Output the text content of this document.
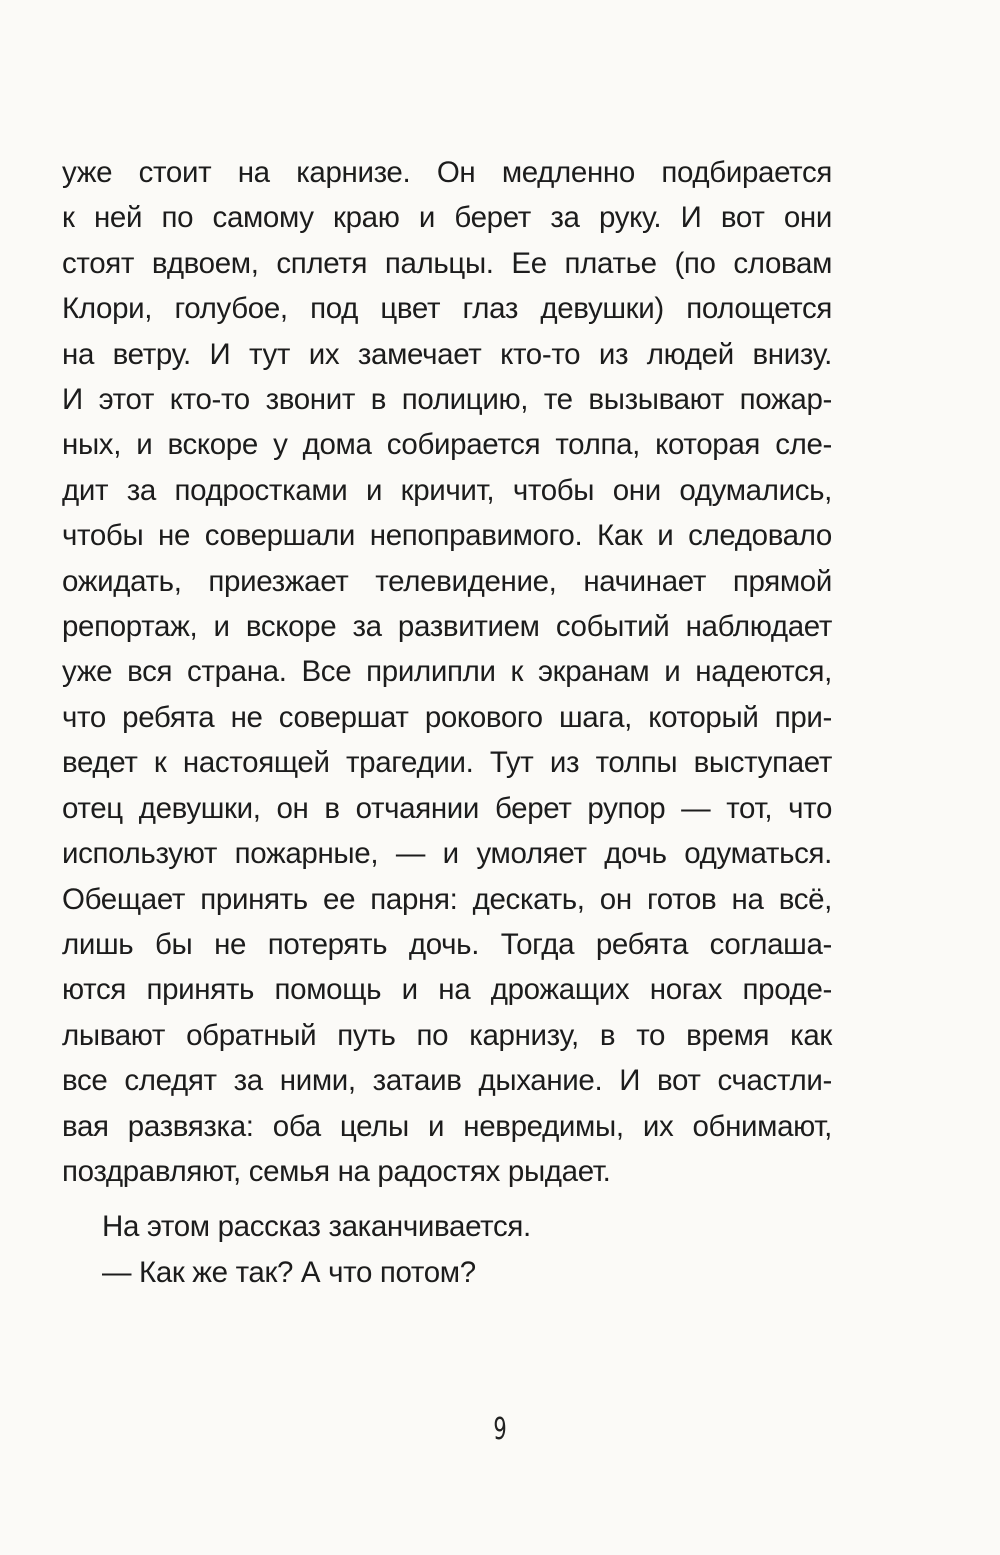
уже стоит на карнизе. Он медленно подбирается
к ней по самому краю и берет за руку. И вот они
стоят вдвоем, сплетя пальцы. Ее платье (по словам
Клори, голубое, под цвет глаз девушки) полощется
на ветру. И тут их замечает кто-то из людей внизу.
И этот кто-то звонит в полицию, те вызывают пожар-
ных, и вскоре у дома собирается толпа, которая сле-
дит за подростками и кричит, чтобы они одумались,
чтобы не совершали непоправимого. Как и следовало
ожидать, приезжает телевидение, начинает прямой
репортаж, и вскоре за развитием событий наблюдает
уже вся страна. Все прилипли к экранам и надеются,
что ребята не совершат рокового шага, который при-
ведет к настоящей трагедии. Тут из толпы выступает
отец девушки, он в отчаянии берет рупор — тот, что
используют пожарные, — и умоляет дочь одуматься.
Обещает принять ее парня: дескать, он готов на всё,
лишь бы не потерять дочь. Тогда ребята соглаша-
ются принять помощь и на дрожащих ногах проде-
лывают обратный путь по карнизу, в то время как
все следят за ними, затаив дыхание. И вот счастли-
вая развязка: оба целы и невредимы, их обнимают,
поздравляют, семья на радостях рыдает.
На этом рассказ заканчивается.
— Как же так? А что потом?
9
